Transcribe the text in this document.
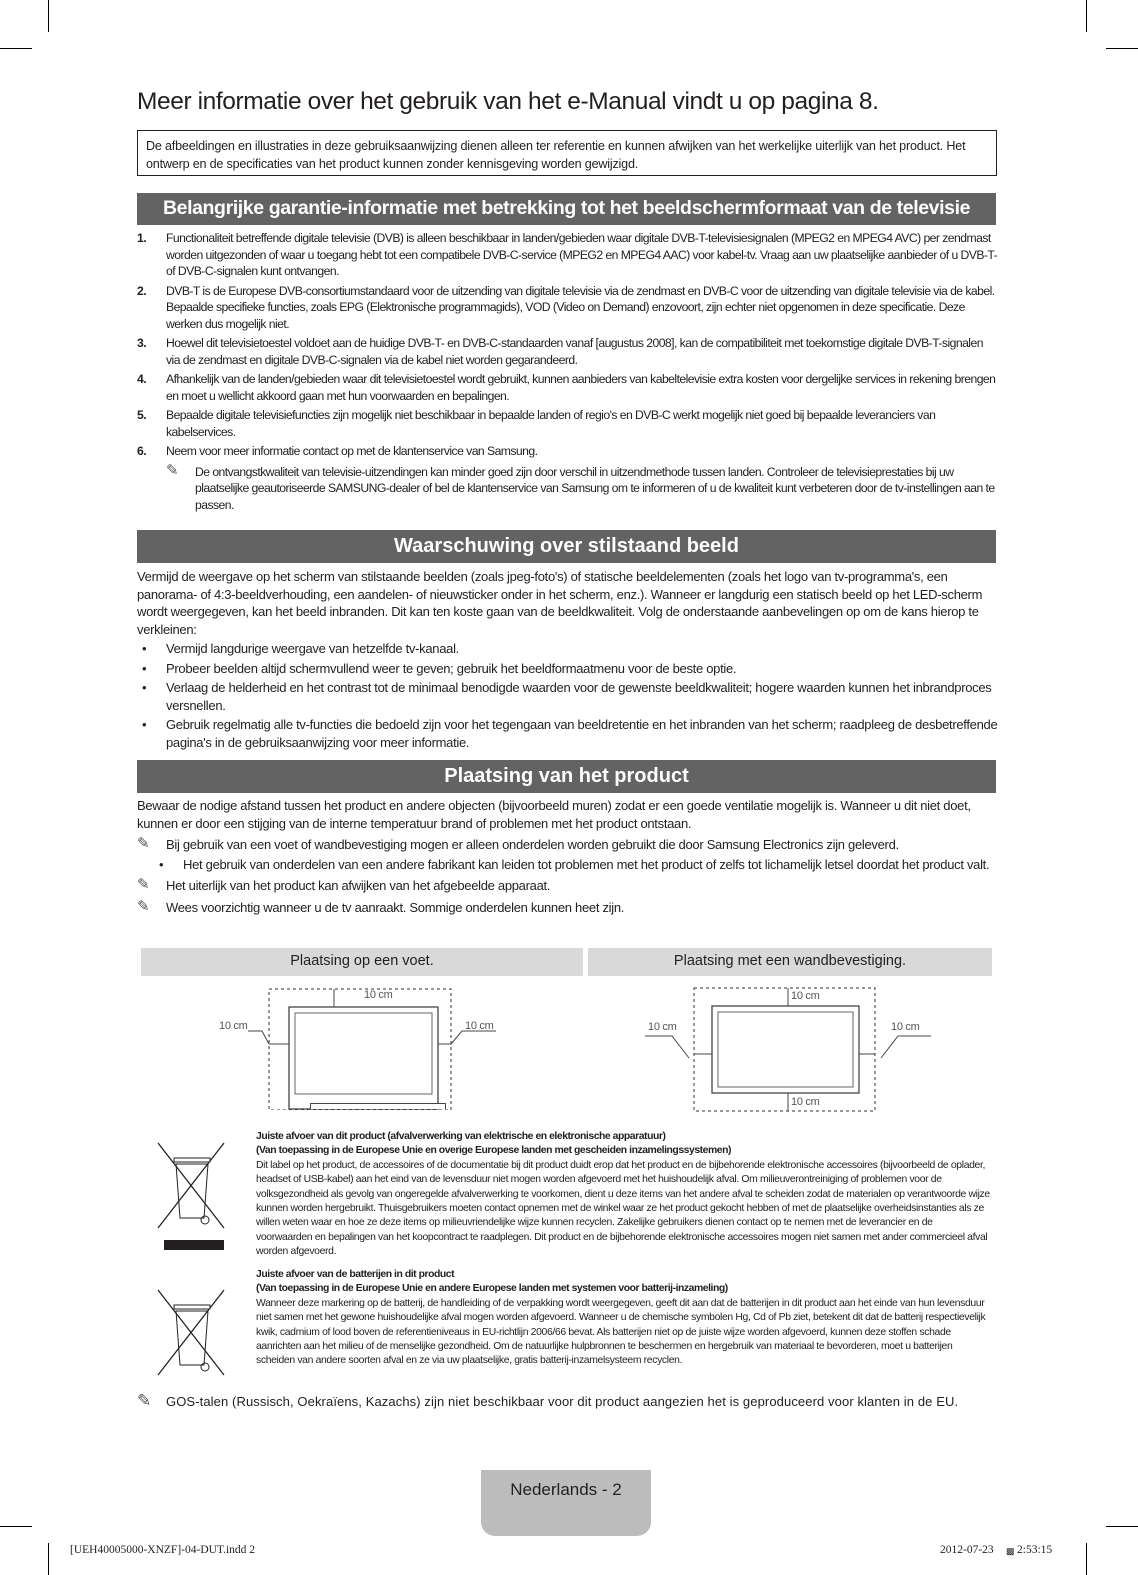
Meer informatie over het gebruik van het e-Manual vindt u op pagina 8.
De afbeeldingen en illustraties in deze gebruiksaanwijzing dienen alleen ter referentie en kunnen afwijken van het werkelijke uiterlijk van het product. Het ontwerp en de specificaties van het product kunnen zonder kennisgeving worden gewijzigd.
Belangrijke garantie-informatie met betrekking tot het beeldschermformaat van de televisie
1. Functionaliteit betreffende digitale televisie (DVB) is alleen beschikbaar in landen/gebieden waar digitale DVB-T-televisiesignalen (MPEG2 en MPEG4 AVC) per zendmast worden uitgezonden of waar u toegang hebt tot een compatibele DVB-C-service (MPEG2 en MPEG4 AAC) voor kabel-tv. Vraag aan uw plaatselijke aanbieder of u DVB-T- of DVB-C-signalen kunt ontvangen.
2. DVB-T is de Europese DVB-consortiumstandaard voor de uitzending van digitale televisie via de zendmast en DVB-C voor de uitzending van digitale televisie via de kabel. Bepaalde specifieke functies, zoals EPG (Elektronische programmagids), VOD (Video on Demand) enzovoort, zijn echter niet opgenomen in deze specificatie. Deze werken dus mogelijk niet.
3. Hoewel dit televisietoestel voldoet aan de huidige DVB-T- en DVB-C-standaarden vanaf [augustus 2008], kan de compatibiliteit met toekomstige digitale DVB-T-signalen via de zendmast en digitale DVB-C-signalen via de kabel niet worden gegarandeerd.
4. Afhankelijk van de landen/gebieden waar dit televisietoestel wordt gebruikt, kunnen aanbieders van kabeltelevisie extra kosten voor dergelijke services in rekening brengen en moet u wellicht akkoord gaan met hun voorwaarden en bepalingen.
5. Bepaalde digitale televisiefuncties zijn mogelijk niet beschikbaar in bepaalde landen of regio's en DVB-C werkt mogelijk niet goed bij bepaalde leveranciers van kabelservices.
6. Neem voor meer informatie contact op met de klantenservice van Samsung.
✎ De ontvangstkwaliteit van televisie-uitzendingen kan minder goed zijn door verschil in uitzendmethode tussen landen. Controleer de televisieprestaties bij uw plaatselijke geautoriseerde SAMSUNG-dealer of bel de klantenservice van Samsung om te informeren of u de kwaliteit kunt verbeteren door de tv-instellingen aan te passen.
Waarschuwing over stilstaand beeld
Vermijd de weergave op het scherm van stilstaande beelden (zoals jpeg-foto's) of statische beeldelementen (zoals het logo van tv-programma's, een panorama- of 4:3-beeldverhouding, een aandelen- of nieuwsticker onder in het scherm, enz.). Wanneer er langdurig een statisch beeld op het LED-scherm wordt weergegeven, kan het beeld inbranden. Dit kan ten koste gaan van de beeldkwaliteit. Volg de onderstaande aanbevelingen op om de kans hierop te verkleinen:
• Vermijd langdurige weergave van hetzelfde tv-kanaal.
• Probeer beelden altijd schermvullend weer te geven; gebruik het beeldformaatmenu voor de beste optie.
• Verlaag de helderheid en het contrast tot de minimaal benodigde waarden voor de gewenste beeldkwaliteit; hogere waarden kunnen het inbrandproces versnellen.
• Gebruik regelmatig alle tv-functies die bedoeld zijn voor het tegengaan van beeldretentie en het inbranden van het scherm; raadpleeg de desbetreffende pagina's in de gebruiksaanwijzing voor meer informatie.
Plaatsing van het product
Bewaar de nodige afstand tussen het product en andere objecten (bijvoorbeeld muren) zodat er een goede ventilatie mogelijk is. Wanneer u dit niet doet, kunnen er door een stijging van de interne temperatuur brand of problemen met het product ontstaan.
✎ Bij gebruik van een voet of wandbevestiging mogen er alleen onderdelen worden gebruikt die door Samsung Electronics zijn geleverd.
• Het gebruik van onderdelen van een andere fabrikant kan leiden tot problemen met het product of zelfs tot lichamelijk letsel doordat het product valt.
✎ Het uiterlijk van het product kan afwijken van het afgebeelde apparaat.
✎ Wees voorzichtig wanneer u de tv aanraakt. Sommige onderdelen kunnen heet zijn.
Plaatsing op een voet.	Plaatsing met een wandbevestiging.
10 cm
10 cm	10 cm
10 cm
10 cm
10 cm	10 cm
Juiste afvoer van dit product (afvalverwerking van elektrische en elektronische apparatuur)
(Van toepassing in de Europese Unie en overige Europese landen met gescheiden inzamelingssystemen)
Dit label op het product, de accessoires of de documentatie bij dit product duidt erop dat het product en de bijbehorende elektronische accessoires (bijvoorbeeld de oplader, headset of USB-kabel) aan het eind van de levensduur niet mogen worden afgevoerd met het huishoudelijk afval. Om milieuverontreiniging of problemen voor de volksgezondheid als gevolg van ongeregelde afvalverwerking te voorkomen, dient u deze items van het andere afval te scheiden zodat de materialen op verantwoorde wijze kunnen worden hergebruikt. Thuisgebruikers moeten contact opnemen met de winkel waar ze het product gekocht hebben of met de plaatselijke overheidsinstanties als ze willen weten waar en hoe ze deze items op milieuvriendelijke wijze kunnen recyclen. Zakelijke gebruikers dienen contact op te nemen met de leverancier en de voorwaarden en bepalingen van het koopcontract te raadplegen. Dit product en de bijbehorende elektronische accessoires mogen niet samen met ander commercieel afval worden afgevoerd.
Juiste afvoer van de batterijen in dit product
(Van toepassing in de Europese Unie en andere Europese landen met systemen voor batterij-inzameling)
Wanneer deze markering op de batterij, de handleiding of de verpakking wordt weergegeven, geeft dit aan dat de batterijen in dit product aan het einde van hun levensduur niet samen met het gewone huishoudelijke afval mogen worden afgevoerd. Wanneer u de chemische symbolen Hg, Cd of Pb ziet, betekent dit dat de batterij respectievelijk kwik, cadmium of lood boven de referentieniveaus in EU-richtlijn 2006/66 bevat. Als batterijen niet op de juiste wijze worden afgevoerd, kunnen deze stoffen schade aanrichten aan het milieu of de menselijke gezondheid. Om de natuurlijke hulpbronnen te beschermen en hergebruik van materiaal te bevorderen, moet u batterijen scheiden van andere soorten afval en ze via uw plaatselijke, gratis batterij-inzamelsysteem recyclen.
✎ GOS-talen (Russisch, Oekraïens, Kazachs) zijn niet beschikbaar voor dit product aangezien het is geproduceerd voor klanten in de EU.
Nederlands - 2
[UEH40005000-XNZF]-04-DUT.indd 2	2012-07-23 ▩ 2:53:15
